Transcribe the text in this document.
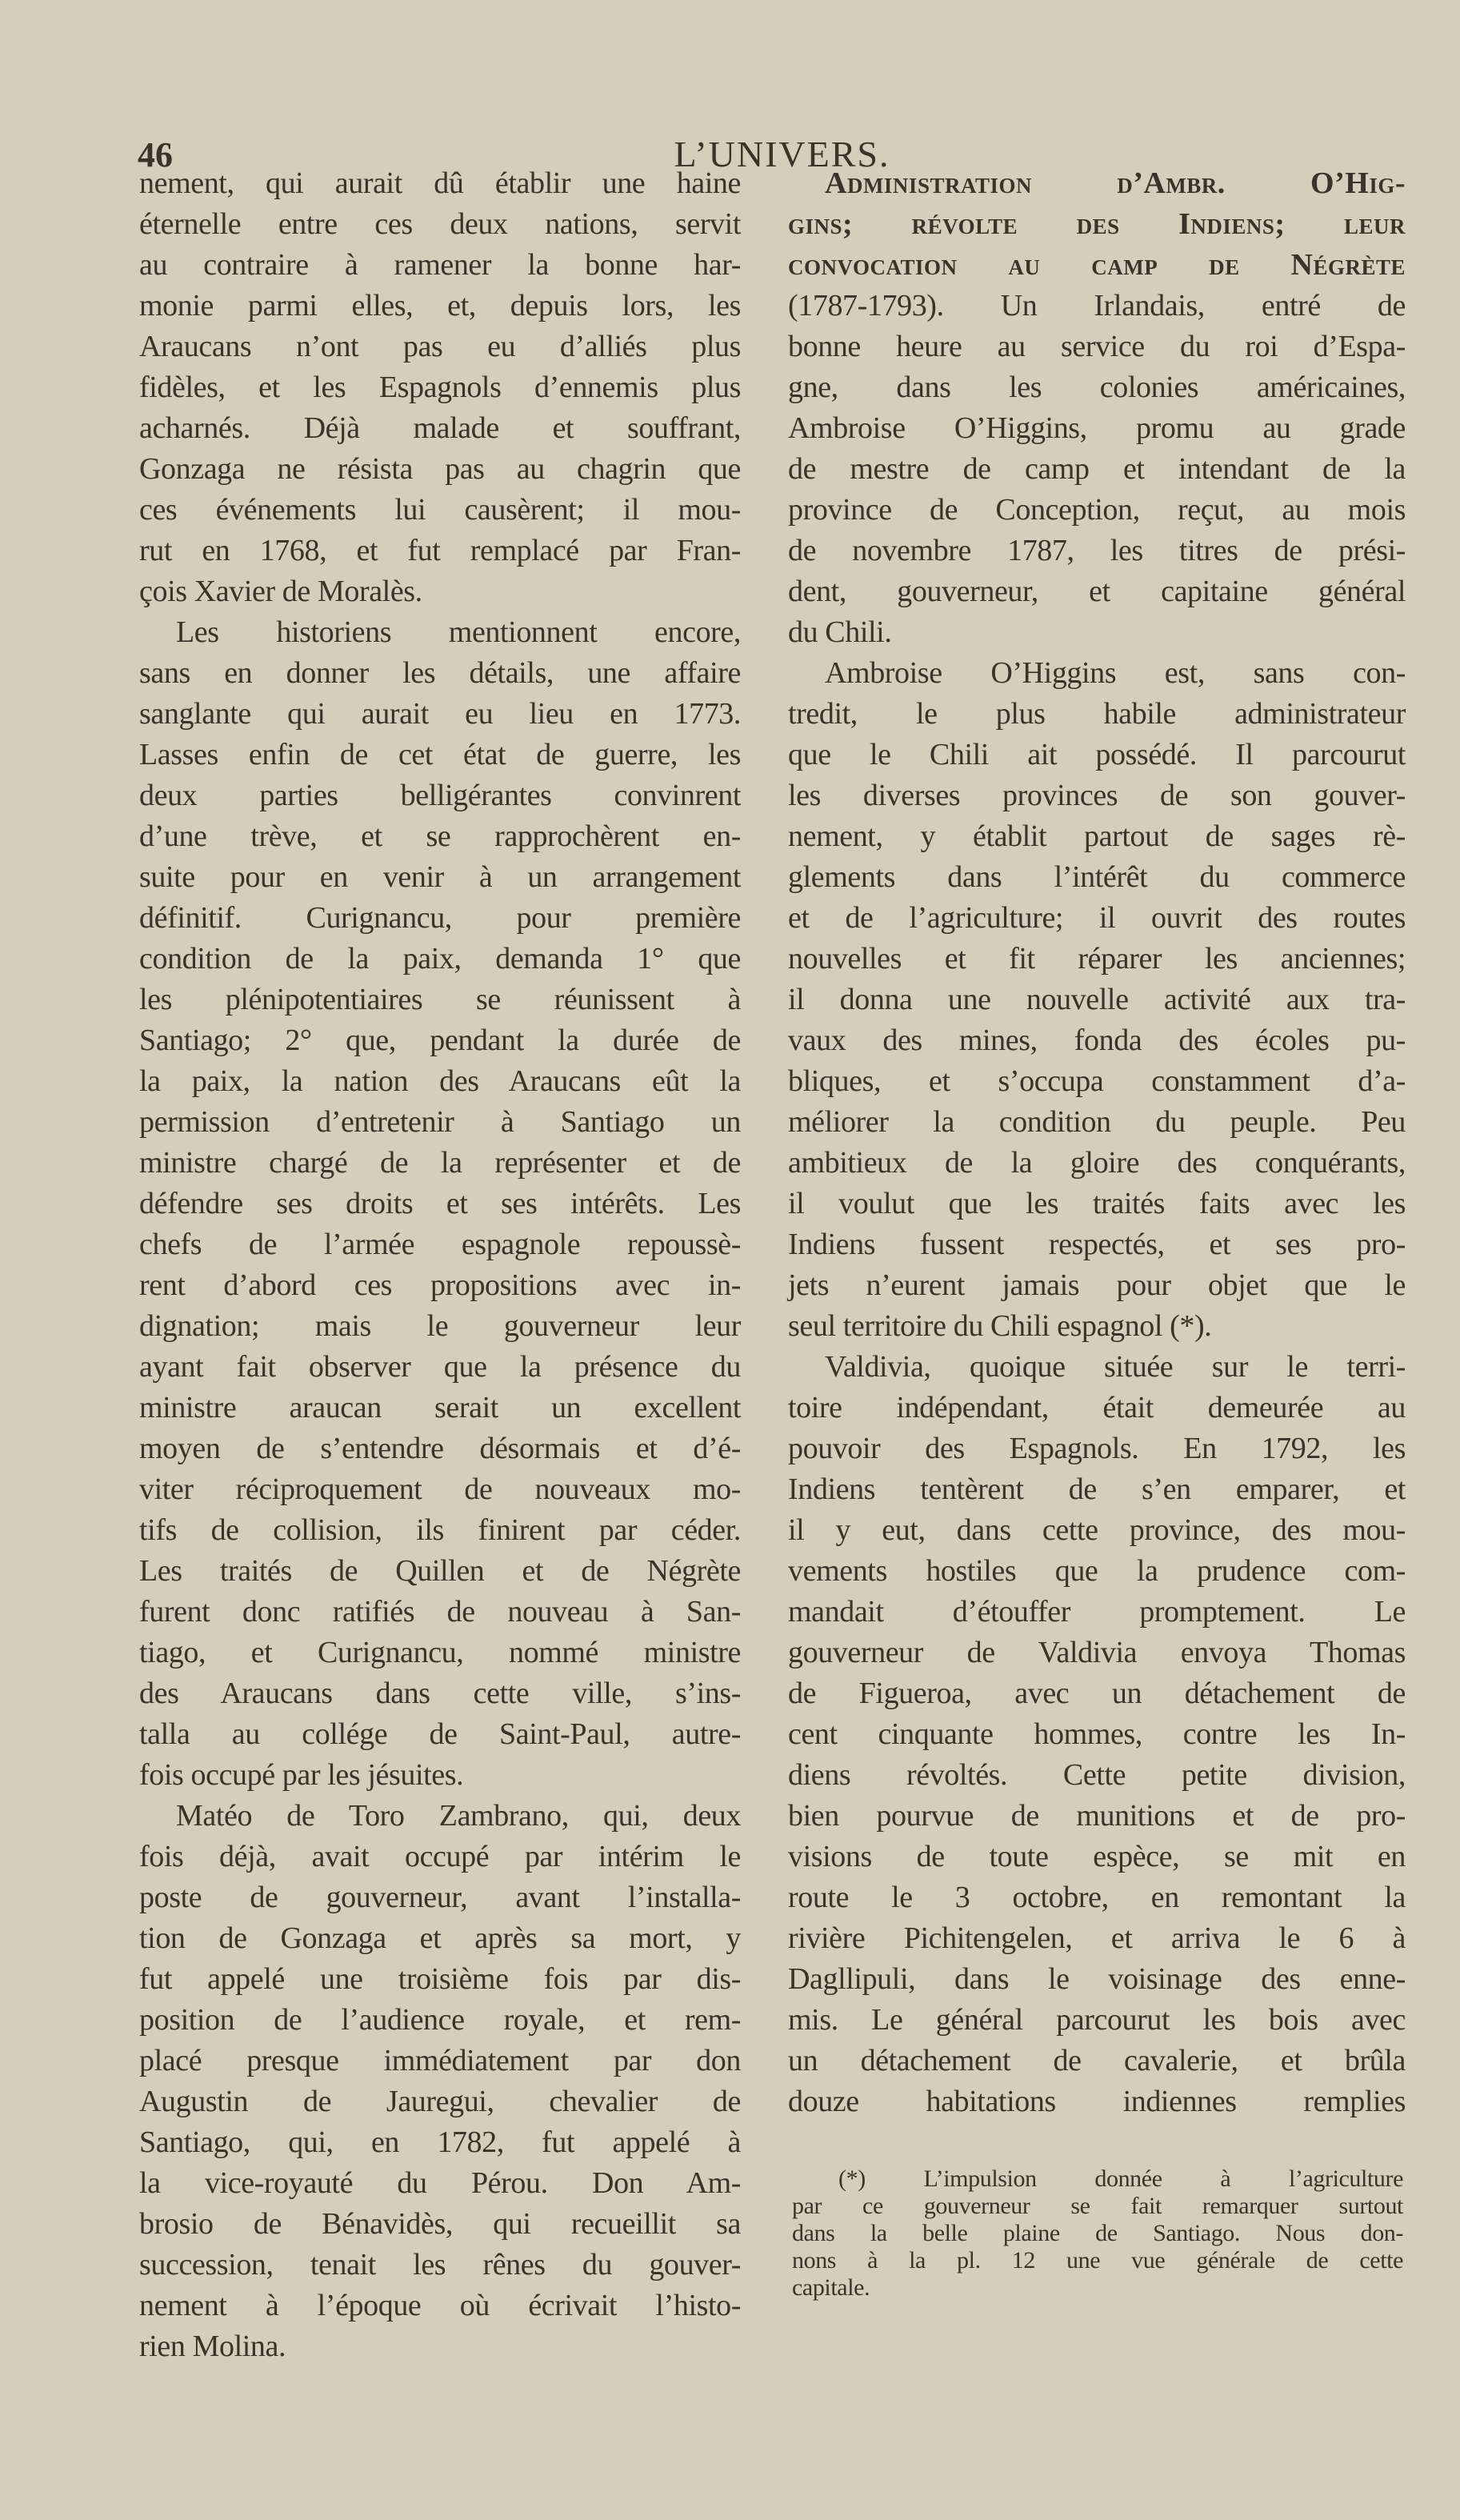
46	L’UNIVERS.
nement, qui aurait dû établir une haine
éternelle entre ces deux nations, servit
au contraire à ramener la bonne har-
monie parmi elles, et, depuis lors, les
Araucans n’ont pas eu d’alliés plus
fidèles, et les Espagnols d’ennemis plus
acharnés. Déjà malade et souffrant,
Gonzaga ne résista pas au chagrin que
ces événements lui causèrent; il mou-
rut en 1768, et fut remplacé par Fran-
çois Xavier de Moralès.
Les historiens mentionnent encore,
sans en donner les détails, une affaire
sanglante qui aurait eu lieu en 1773.
Lasses enfin de cet état de guerre, les
deux parties belligérantes convinrent
d’une trève, et se rapprochèrent en-
suite pour en venir à un arrangement
définitif. Curignancu, pour première
condition de la paix, demanda 1° que
les plénipotentiaires se réunissent à
Santiago; 2° que, pendant la durée de
la paix, la nation des Araucans eût la
permission d’entretenir à Santiago un
ministre chargé de la représenter et de
défendre ses droits et ses intérêts. Les
chefs de l’armée espagnole repoussè-
rent d’abord ces propositions avec in-
dignation; mais le gouverneur leur
ayant fait observer que la présence du
ministre araucan serait un excellent
moyen de s’entendre désormais et d’é-
viter réciproquement de nouveaux mo-
tifs de collision, ils finirent par céder.
Les traités de Quillen et de Négrète
furent donc ratifiés de nouveau à San-
tiago, et Curignancu, nommé ministre
des Araucans dans cette ville, s’ins-
talla au collége de Saint-Paul, autre-
fois occupé par les jésuites.
Matéo de Toro Zambrano, qui, deux
fois déjà, avait occupé par intérim le
poste de gouverneur, avant l’installa-
tion de Gonzaga et après sa mort, y
fut appelé une troisième fois par dis-
position de l’audience royale, et rem-
placé presque immédiatement par don
Augustin de Jauregui, chevalier de
Santiago, qui, en 1782, fut appelé à
la vice-royauté du Pérou. Don Am-
brosio de Bénavidès, qui recueillit sa
succession, tenait les rênes du gouver-
nement à l’époque où écrivait l’histo-
rien Molina.
Administration d’Ambr. O’Hig-
gins; révolte des Indiens; leur
convocation au camp de Négrète
(1787-1793). Un Irlandais, entré de
bonne heure au service du roi d’Espa-
gne, dans les colonies américaines,
Ambroise O’Higgins, promu au grade
de mestre de camp et intendant de la
province de Conception, reçut, au mois
de novembre 1787, les titres de prési-
dent, gouverneur, et capitaine général
du Chili.
Ambroise O’Higgins est, sans con-
tredit, le plus habile administrateur
que le Chili ait possédé. Il parcourut
les diverses provinces de son gouver-
nement, y établit partout de sages rè-
glements dans l’intérêt du commerce
et de l’agriculture; il ouvrit des routes
nouvelles et fit réparer les anciennes;
il donna une nouvelle activité aux tra-
vaux des mines, fonda des écoles pu-
bliques, et s’occupa constamment d’a-
méliorer la condition du peuple. Peu
ambitieux de la gloire des conquérants,
il voulut que les traités faits avec les
Indiens fussent respectés, et ses pro-
jets n’eurent jamais pour objet que le
seul territoire du Chili espagnol (*).
Valdivia, quoique située sur le terri-
toire indépendant, était demeurée au
pouvoir des Espagnols. En 1792, les
Indiens tentèrent de s’en emparer, et
il y eut, dans cette province, des mou-
vements hostiles que la prudence com-
mandait d’étouffer promptement. Le
gouverneur de Valdivia envoya Thomas
de Figueroa, avec un détachement de
cent cinquante hommes, contre les In-
diens révoltés. Cette petite division,
bien pourvue de munitions et de pro-
visions de toute espèce, se mit en
route le 3 octobre, en remontant la
rivière Pichitengelen, et arriva le 6 à
Dagllipuli, dans le voisinage des enne-
mis. Le général parcourut les bois avec
un détachement de cavalerie, et brûla
douze habitations indiennes remplies
(*) L’impulsion donnée à l’agriculture
par ce gouverneur se fait remarquer surtout
dans la belle plaine de Santiago. Nous don-
nons à la pl. 12 une vue générale de cette
capitale.
